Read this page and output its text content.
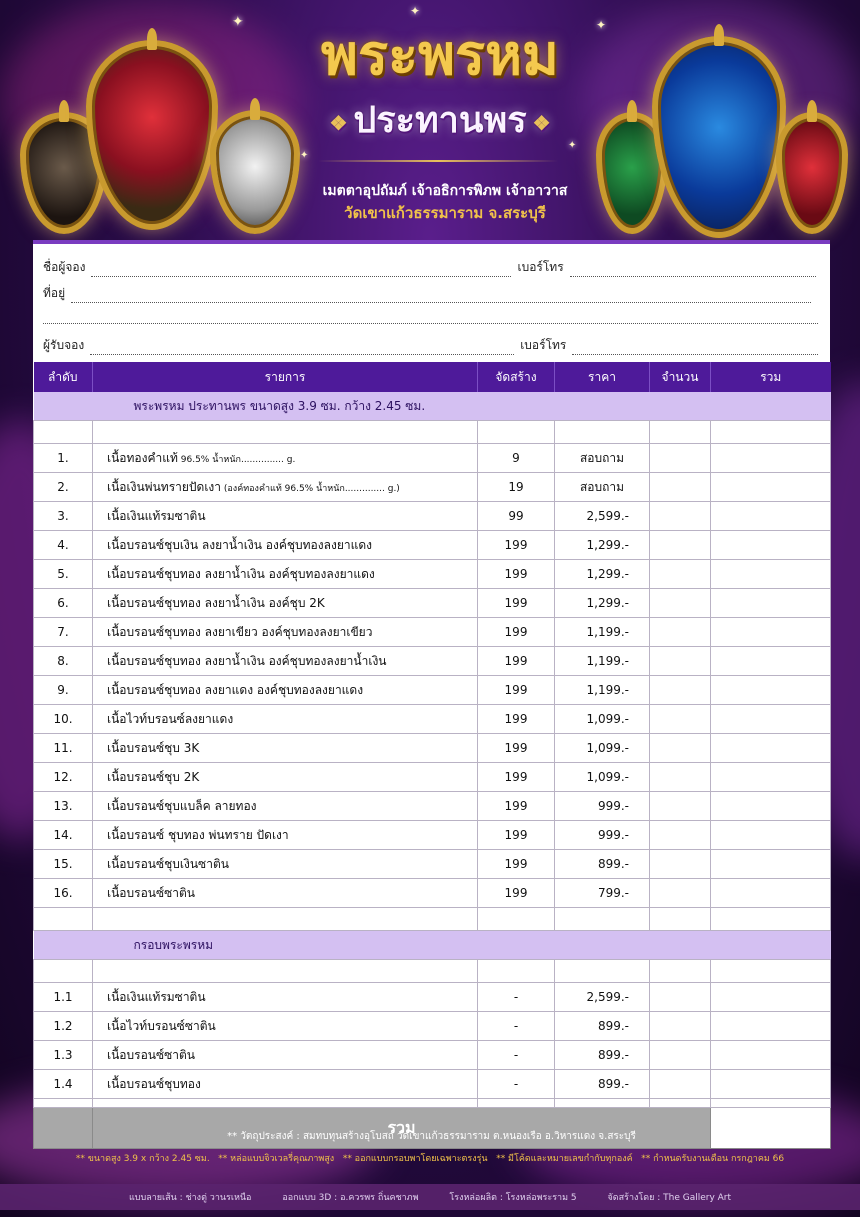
✦
✦
✦
✦
✦
พระพรหม
❖ ประทานพร ❖
เมตตาอุปถัมภ์ เจ้าอธิการพิภพ เจ้าอาวาส
วัดเขาแก้วธรรมาราม จ.สระบุรี
ชื่อผู้จอง	เบอร์โทร
ที่อยู่
ผู้รับจอง	เบอร์โทร
ลำดับ	รายการ	จัดสร้าง	ราคา	จำนวน	รวม
พระพรหม ประทานพร ขนาดสูง 3.9 ซม. กว้าง 2.45 ซม.					

1.	เนื้อทองคำแท้ 96.5% น้ำหนัก............... g.	9	สอบถาม		
2.	เนื้อเงินพ่นทรายปัดเงา (องค์ทองคำแท้ 96.5% น้ำหนัก.............. g.)	19	สอบถาม		
3.	เนื้อเงินแท้รมซาติน	99	2,599.-		
4.	เนื้อบรอนซ์ชุบเงิน ลงยาน้ำเงิน องค์ชุบทองลงยาแดง	199	1,299.-		
5.	เนื้อบรอนซ์ชุบทอง ลงยาน้ำเงิน องค์ชุบทองลงยาแดง	199	1,299.-		
6.	เนื้อบรอนซ์ชุบทอง ลงยาน้ำเงิน องค์ชุบ 2K	199	1,299.-		
7.	เนื้อบรอนซ์ชุบทอง ลงยาเขียว องค์ชุบทองลงยาเขียว	199	1,199.-		
8.	เนื้อบรอนซ์ชุบทอง ลงยาน้ำเงิน องค์ชุบทองลงยาน้ำเงิน	199	1,199.-		
9.	เนื้อบรอนซ์ชุบทอง ลงยาแดง องค์ชุบทองลงยาแดง	199	1,199.-		
10.	เนื้อไวท์บรอนซ์ลงยาแดง	199	1,099.-		
11.	เนื้อบรอนซ์ชุบ 3K	199	1,099.-		
12.	เนื้อบรอนซ์ชุบ 2K	199	1,099.-		
13.	เนื้อบรอนซ์ชุบแบล็ค ลายทอง	199	999.-		
14.	เนื้อบรอนซ์ ชุบทอง พ่นทราย ปัดเงา	199	999.-		
15.	เนื้อบรอนซ์ชุบเงินซาติน	199	899.-		
16.	เนื้อบรอนซ์ซาติน	199	799.-		

กรอบพระพรหม					

1.1	เนื้อเงินแท้รมซาติน	-	2,599.-		
1.2	เนื้อไวท์บรอนซ์ซาติน	-	899.-		
1.3	เนื้อบรอนซ์ซาติน	-	899.-		
1.4	เนื้อบรอนซ์ชุบทอง	-	899.-		

	รวม				
** วัตถุประสงค์ : สมทบทุนสร้างอุโบสถ วัดเขาแก้วธรรมาราม ต.หนองเรือ อ.วิหารแดง จ.สระบุรี
** ขนาดสูง 3.9 x กว้าง 2.45 ซม. ** หล่อแบบจิวเวลรี่คุณภาพสูง ** ออกแบบกรอบพาโดยเฉพาะตรงรุ่น ** มีโค้ดและหมายเลขกำกับทุกองค์ ** กำหนดรับงานเดือน กรกฎาคม 66
แบบลายเส้น : ช่างตู่ วานรเหนือ	ออกแบบ 3D : อ.ควรพร ถิ่นคชาภพ	โรงหล่อผลิต : โรงหล่อพระราม 5	จัดสร้างโดย : The Gallery Art
